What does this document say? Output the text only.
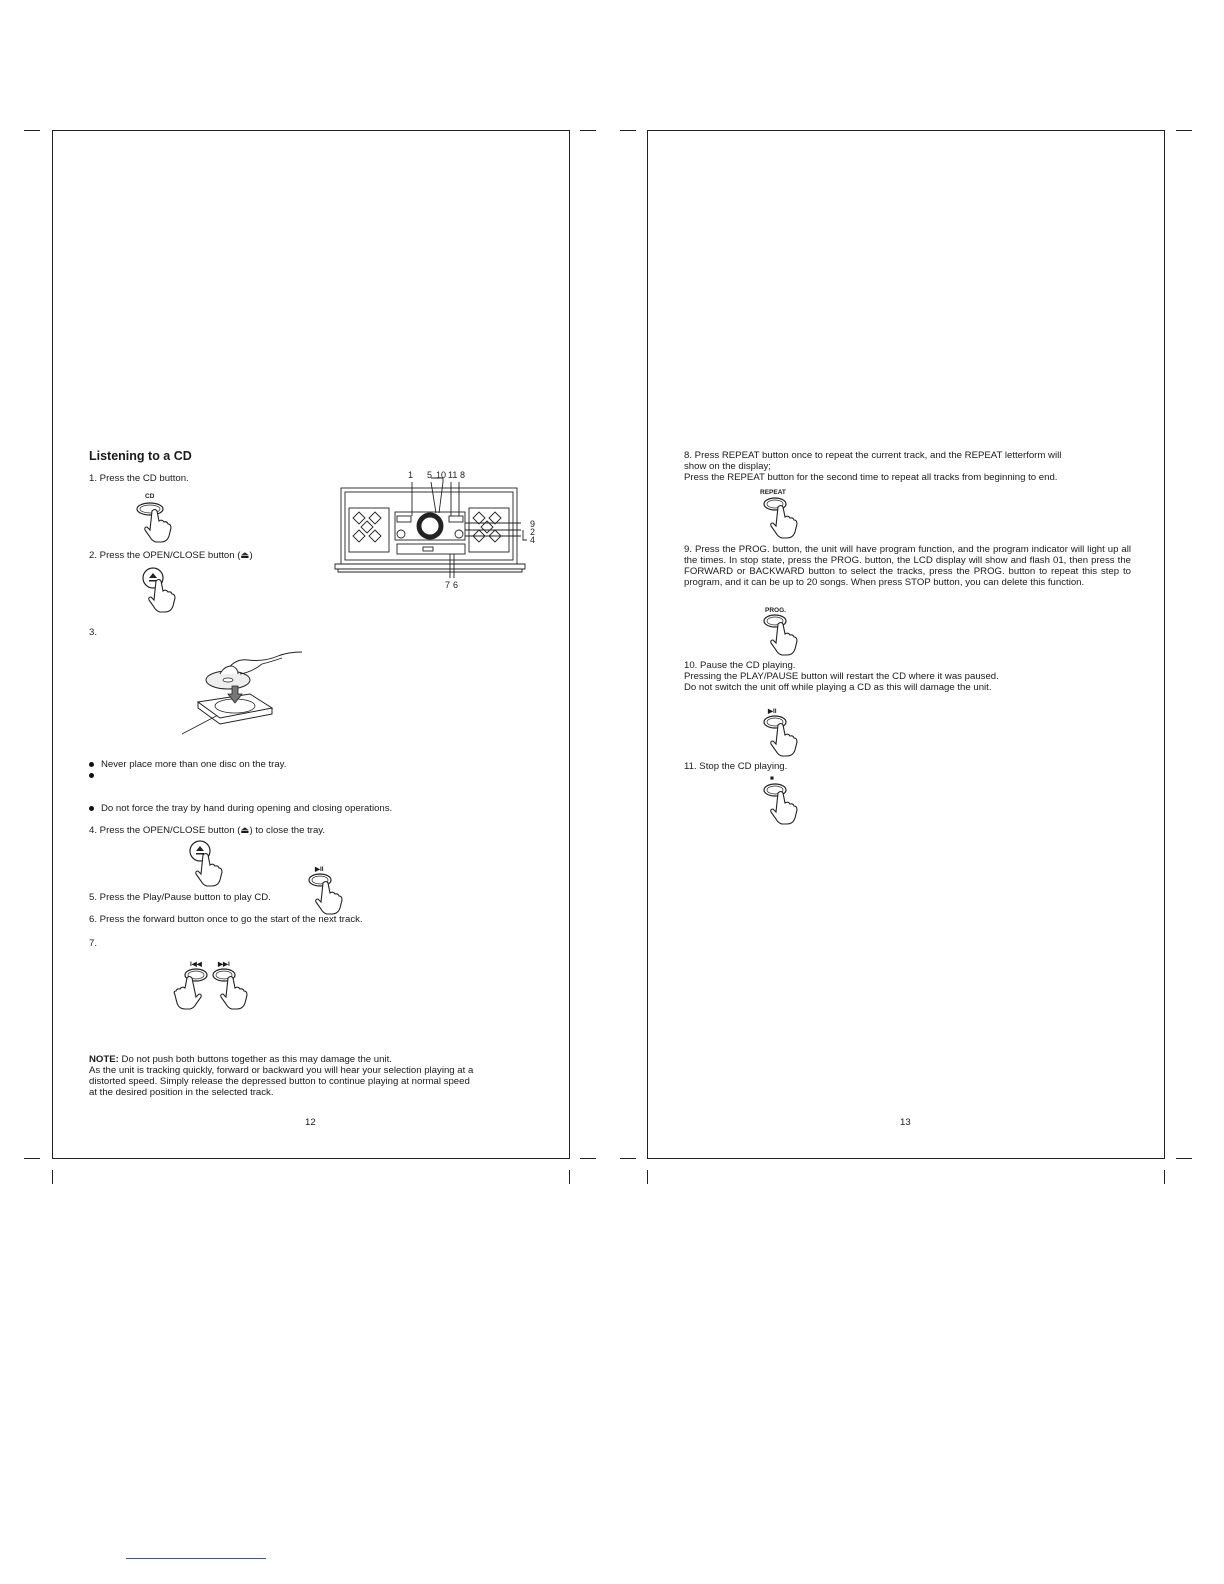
Listening to a CD
1. Press the CD button.
CD
2. Press the OPEN/CLOSE button (⏏)
3.
Never place more than one disc on the tray.
Do not force the tray by hand during opening and closing operations.
4. Press the OPEN/CLOSE button (⏏) to close the tray.
▶II
5. Press the Play/Pause button to play CD.
6. Press the forward button once to go the start of the next track.
7.
I◀◀ ▶▶I
NOTE: Do not push both buttons together as this may damage the unit.
As the unit is tracking quickly, forward or backward you will hear your selection playing at a
distorted speed. Simply release the depressed button to continue playing at normal speed
at the desired position in the selected track.
12
1 5 10 11 8
9
2
4
7 6
8. Press REPEAT button once to repeat the current track, and the REPEAT letterform will
show on the display;
Press the REPEAT button for the second time to repeat all tracks from beginning to end.
REPEAT
9. Press the PROG. button, the unit will have program function, and the program indicator will light up all the times. In stop state, press the PROG. button, the LCD display will show and flash 01, then press the FORWARD or BACKWARD button to select the tracks, press the PROG. button to repeat this step to program, and it can be up to 20 songs. When press STOP button, you can delete this function.
PROG.
10. Pause the CD playing.
Pressing the PLAY/PAUSE button will restart the CD where it was paused.
Do not switch the unit off while playing a CD as this will damage the unit.
▶II
11. Stop the CD playing.
■
13
